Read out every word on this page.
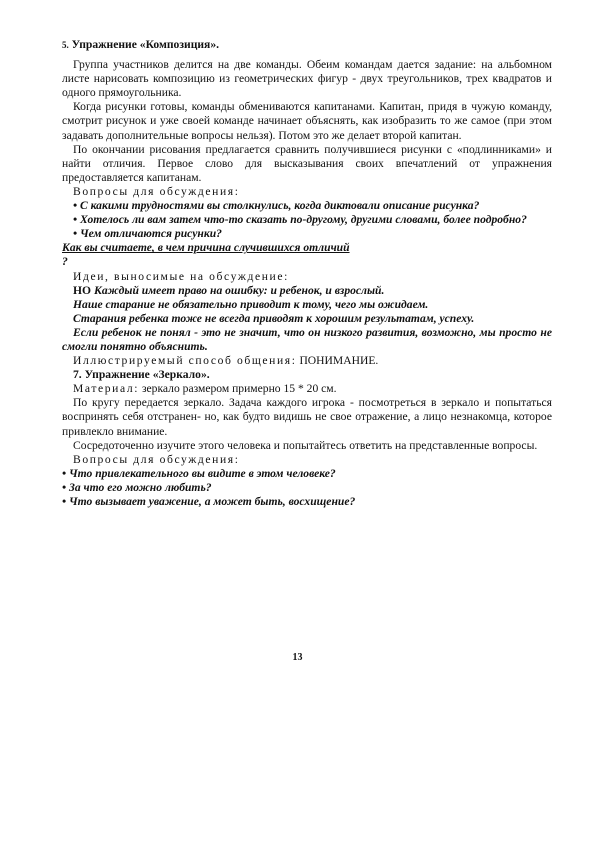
5. Упражнение «Композиция».

Группа участников делится на две команды. Обеим командам дается задание: на альбомном листе нарисовать композицию из геометрических фигур - двух треугольников, трех квадратов и одного прямоугольника.

Когда рисунки готовы, команды обмениваются капитанами. Капитан, придя в чужую команду, смотрит рисунок и уже своей команде начинает объяснять, как изобразить то же самое (при этом задавать дополнительные вопросы нельзя). Потом это же делает второй капитан.

По окончании рисования предлагается сравнить получившиеся рисунки с «подлинниками» и найти отличия. Первое слово для высказывания своих впечатлений от упражнения предоставляется капитанам.

Вопросы для обсуждения:

• С какими трудностями вы столкнулись, когда диктовали описание рисунка?

• Хотелось ли вам затем что-то сказать по-другому, другими словами, более подробно?

• Чем отличаются рисунки?

Как вы считаете, в чем причина случившихся отличий

?

Идеи, выносимые на обсуждение:

НО Каждый имеет право на ошибку: и ребенок, и взрослый.

Наше старание не обязательно приводит к тому, чего мы ожидаем.

Старания ребенка тоже не всегда приводят к хорошим результатам, успеху.

Если ребенок не понял - это не значит, что он низкого развития, возможно, мы просто не смогли понятно объяснить.

Иллюстрируемый способ общения: ПОНИМАНИЕ.

7. Упражнение «Зеркало».

Материал: зеркало размером примерно 15 * 20 см.

По кругу передается зеркало. Задача каждого игрока - посмотреться в зеркало и попытаться воспринять себя отстранен- но, как будто видишь не свое отражение, а лицо незнакомца, которое привлекло внимание.

Сосредоточенно изучите этого человека и попытайтесь ответить на представленные вопросы.

Вопросы для обсуждения:

• Что привлекательного вы видите в этом человеке?

• За что его можно любить?

• Что вызывает уважение, а может быть, восхищение?

13
